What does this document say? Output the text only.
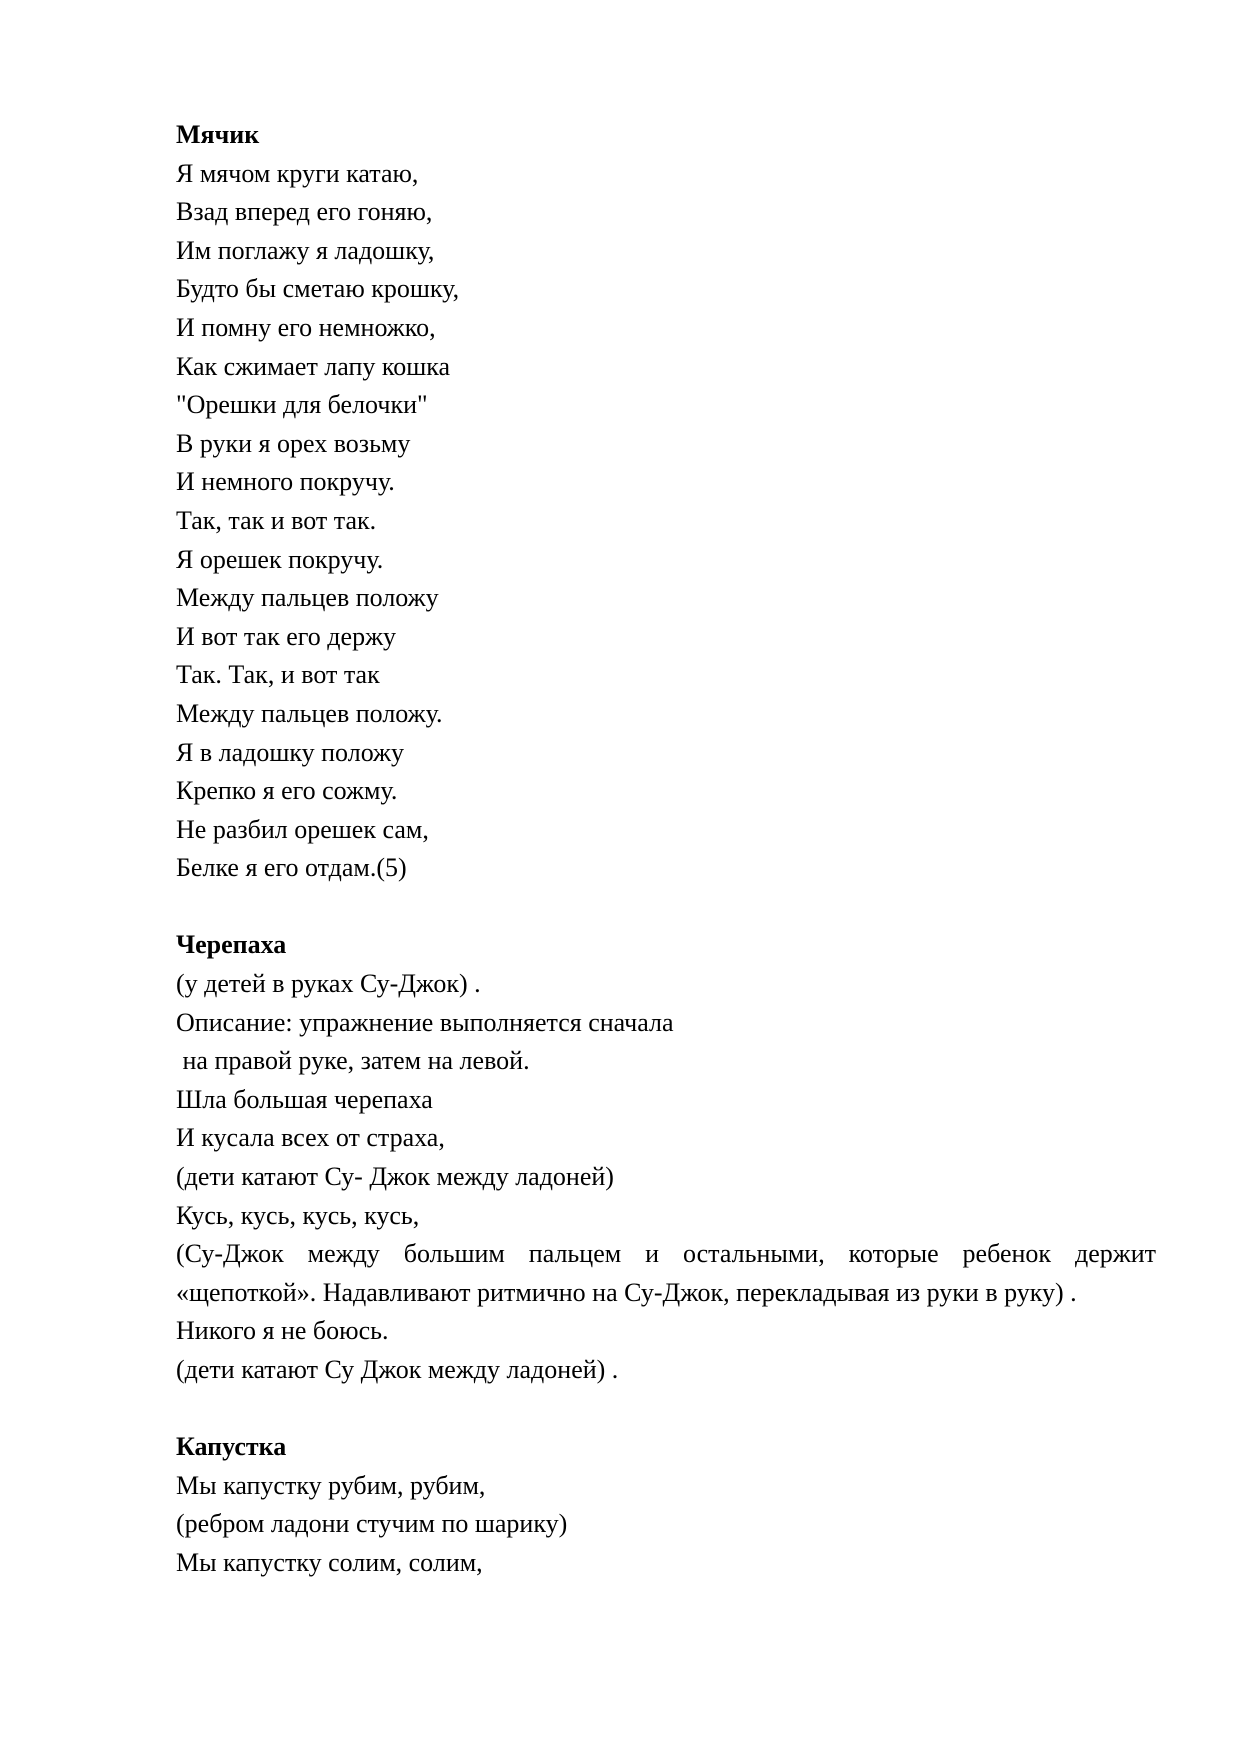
Мячик

Я мячом круги катаю,

Взад вперед его гоняю,

Им поглажу я ладошку,

Будто бы сметаю крошку,

И помну его немножко,

Как сжимает лапу кошка

"Орешки для белочки"

В руки я орех возьму

И немного покручу.

Так, так и вот так.

Я орешек покручу.

Между пальцев положу

И вот так его держу

Так. Так, и вот так

Между пальцев положу.

Я в ладошку положу

Крепко я его сожму.

Не разбил орешек сам,

Белке я его отдам.(5)

Черепаха

(у детей в руках Су-Джок) .

Описание: упражнение выполняется сначала

на правой руке, затем на левой.

Шла большая черепаха

И кусала всех от страха,

(дети катают Су- Джок между ладоней)

Кусь, кусь, кусь, кусь,

(Су-Джок между большим пальцем и остальными, которые ребенок держит «щепоткой». Надавливают ритмично на Су-Джок, перекладывая из руки в руку) .

Никого я не боюсь.

(дети катают Су Джок между ладоней) .

Капустка

Мы капустку рубим, рубим,

(ребром ладони стучим по шарику)

Мы капустку солим, солим,
